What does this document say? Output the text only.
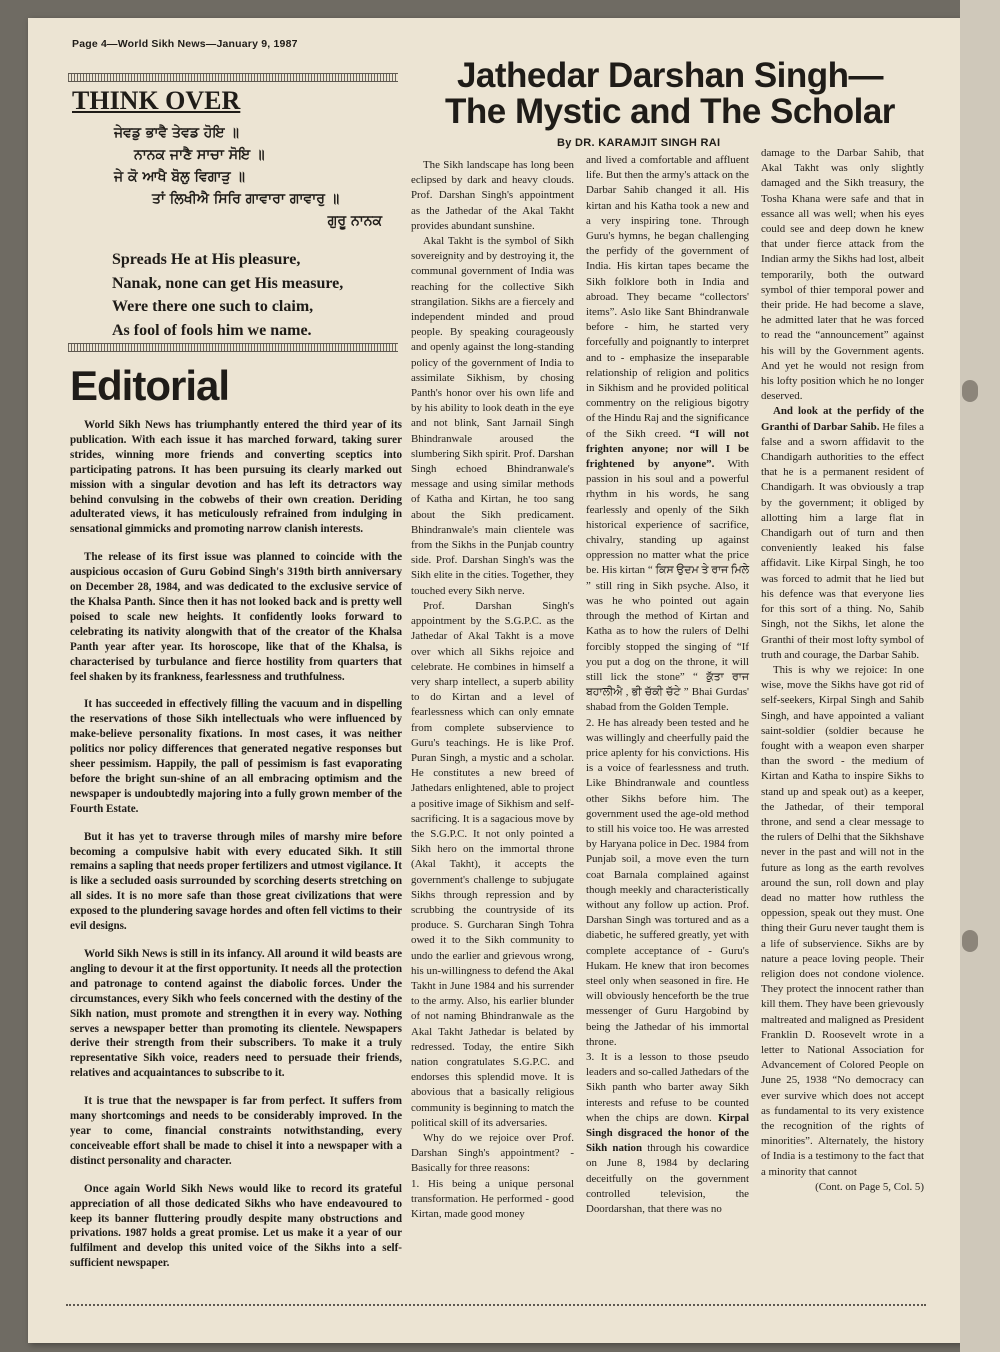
Page 4—World Sikh News—January 9, 1987
THINK OVER
ਜੇਵਡੁ ਭਾਵੈ ਤੇਵਡ ਹੋਇ ॥
ਨਾਨਕ ਜਾਣੈ ਸਾਚਾ ਸੋਇ ॥
ਜੇ ਕੋ ਆਖੈ ਬੋਲੁ ਵਿਗਾੜੁ ॥
ਤਾਂ ਲਿਖੀਐ ਸਿਰਿ ਗਾਵਾਰਾ ਗਾਵਾਰੁ ॥
ਗੁਰੂ ਨਾਨਕ
Spreads He at His pleasure,
Nanak, none can get His measure,
Were there one such to claim,
As fool of fools him we name.
Editorial

World Sikh News has triumphantly entered the third year of its publication. With each issue it has marched forward, taking surer strides, winning more friends and converting sceptics into participating patrons. It has been pursuing its clearly marked out mission with a singular devotion and has left its detractors way behind convulsing in the cobwebs of their own creation. Deriding adulterated views, it has meticulously refrained from indulging in sensational gimmicks and promoting narrow clanish interests.

The release of its first issue was planned to coincide with the auspicious occasion of Guru Gobind Singh's 319th birth anniversary on December 28, 1984, and was dedicated to the exclusive service of the Khalsa Panth. Since then it has not looked back and is pretty well poised to scale new heights. It confidently looks forward to celebrating its nativity alongwith that of the creator of the Khalsa Panth year after year. Its horoscope, like that of the Khalsa, is characterised by turbulance and fierce hostility from quarters that feel shaken by its frankness, fearlessness and truthfulness.

It has succeeded in effectively filling the vacuum and in dispelling the reservations of those Sikh intellectuals who were influenced by make-believe personality fixations. In most cases, it was neither politics nor policy differences that generated negative responses but sheer pessimism. Happily, the pall of pessimism is fast evaporating before the bright sun-shine of an all embracing optimism and the newspaper is undoubtedly majoring into a fully grown member of the Fourth Estate.

But it has yet to traverse through miles of marshy mire before becoming a compulsive habit with every educated Sikh. It still remains a sapling that needs proper fertilizers and utmost vigilance. It is like a secluded oasis surrounded by scorching deserts stretching on all sides. It is no more safe than those great civilizations that were exposed to the plundering savage hordes and often fell victims to their evil designs.

World Sikh News is still in its infancy. All around it wild beasts are angling to devour it at the first opportunity. It needs all the protection and patronage to contend against the diabolic forces. Under the circumstances, every Sikh who feels concerned with the destiny of the Sikh nation, must promote and strengthen it in every way. Nothing serves a newspaper better than promoting its clientele. Newspapers derive their strength from their subscribers. To make it a truly representative Sikh voice, readers need to persuade their friends, relatives and acquaintances to subscribe to it.

It is true that the newspaper is far from perfect. It suffers from many shortcomings and needs to be considerably improved. In the year to come, financial constraints notwithstanding, every conceiveable effort shall be made to chisel it into a newspaper with a distinct personality and character.

Once again World Sikh News would like to record its grateful appreciation of all those dedicated Sikhs who have endeavoured to keep its banner fluttering proudly despite many obstructions and privations. 1987 holds a great promise. Let us make it a year of our fulfilment and develop this united voice of the Sikhs into a self-sufficient newspaper.

Jathedar Darshan Singh—
The Mystic and The Scholar
By DR. KARAMJIT SINGH RAI

The Sikh landscape has long been eclipsed by dark and heavy clouds. Prof. Darshan Singh's appointment as the Jathedar of the Akal Takht provides abundant sunshine.

Akal Takht is the symbol of Sikh sovereignity and by destroying it, the communal government of India was reaching for the collective Sikh strangilation. Sikhs are a fiercely and independent minded and proud people. By speaking courageously and openly against the long-standing policy of the government of India to assimilate Sikhism, by chosing Panth's honor over his own life and by his ability to look death in the eye and not blink, Sant Jarnail Singh Bhindranwale aroused the slumbering Sikh spirit. Prof. Darshan Singh echoed Bhindranwale's message and using similar methods of Katha and Kirtan, he too sang about the Sikh predicament. Bhindranwale's main clientele was from the Sikhs in the Punjab country side. Prof. Darshan Singh's was the Sikh elite in the cities. Together, they touched every Sikh nerve.

Prof. Darshan Singh's appointment by the S.G.P.C. as the Jathedar of Akal Takht is a move over which all Sikhs rejoice and celebrate. He combines in himself a very sharp intellect, a superb ability to do Kirtan and a level of fearlessness which can only emnate from complete subservience to Guru's teachings. He is like Prof. Puran Singh, a mystic and a scholar. He constitutes a new breed of Jathedars enlightened, able to project a positive image of Sikhism and self-sacrificing. It is a sagacious move by the S.G.P.C. It not only pointed a Sikh hero on the immortal throne (Akal Takht), it accepts the government's challenge to subjugate Sikhs through repression and by scrubbing the countryside of its produce. S. Gurcharan Singh Tohra owed it to the Sikh community to undo the earlier and grievous wrong, his un-willingness to defend the Akal Takht in June 1984 and his surrender to the army. Also, his earlier blunder of not naming Bhindranwale as the Akal Takht Jathedar is belated by redressed. Today, the entire Sikh nation congratulates S.G.P.C. and endorses this splendid move. It is abovious that a basically religious community is beginning to match the political skill of its adversaries.

Why do we rejoice over Prof. Darshan Singh's appointment? - Basically for three reasons:

1. His being a unique personal transformation. He performed - good Kirtan, made good money

and lived a comfortable and affluent life. But then the army's attack on the Darbar Sahib changed it all. His kirtan and his Katha took a new and a very inspiring tone. Through Guru's hymns, he began challenging the perfidy of the government of India. His kirtan tapes became the Sikh folklore both in India and abroad. They became “collectors' items”. Aslo like Sant Bhindranwale before - him, he started very forcefully and poignantly to interpret and to - emphasize the inseparable relationship of religion and politics in Sikhism and he provided political commentry on the religious bigotry of the Hindu Raj and the significance of the Sikh creed. “I will not frighten anyone; nor will I be frightened by anyone”. With passion in his soul and a powerful rhythm in his words, he sang fearlessly and openly of the Sikh historical experience of sacrifice, chivalry, standing up against oppression no matter what the price be. His kirtan “ ਕਿਸ ਉਦਮ ਤੇ ਰਾਜ ਮਿਲੇ ” still ring in Sikh psyche. Also, it was he who pointed out again through the method of Kirtan and Katha as to how the rulers of Delhi forcibly stopped the singing of “If you put a dog on the throne, it will still lick the stone” “ ਕੁੱਤਾ ਰਾਜ ਬਹਾਲੀਐ , ਭੀ ਚੱਕੀ ਚੱਟੇ ” Bhai Gurdas' shabad from the Golden Temple.

2. He has already been tested and he was willingly and cheerfully paid the price aplenty for his convictions. His is a voice of fearlessness and truth. Like Bhindranwale and countless other Sikhs before him. The government used the age-old method to still his voice too. He was arrested by Haryana police in Dec. 1984 from Punjab soil, a move even the turn coat Barnala complained against though meekly and characteristically without any follow up action. Prof. Darshan Singh was tortured and as a diabetic, he suffered greatly, yet with complete acceptance of - Guru's Hukam. He knew that iron becomes steel only when seasoned in fire. He will obviously henceforth be the true messenger of Guru Hargobind by being the Jathedar of his immortal throne.

3. It is a lesson to those pseudo leaders and so-called Jathedars of the Sikh panth who barter away Sikh interests and refuse to be counted when the chips are down. Kirpal Singh disgraced the honor of the Sikh nation through his cowardice on June 8, 1984 by declaring deceitfully on the government controlled television, the Doordarshan, that there was no

damage to the Darbar Sahib, that Akal Takht was only slightly damaged and the Sikh treasury, the Tosha Khana were safe and that in essance all was well; when his eyes could see and deep down he knew that under fierce attack from the Indian army the Sikhs had lost, albeit temporarily, both the outward symbol of thier temporal power and their pride. He had become a slave, he admitted later that he was forced to read the “announcement” against his will by the Government agents. And yet he would not resign from his lofty position which he no longer deserved.

And look at the perfidy of the Granthi of Darbar Sahib. He files a false and a sworn affidavit to the Chandigarh authorities to the effect that he is a permanent resident of Chandigarh. It was obviously a trap by the government; it obliged by allotting him a large flat in Chandigarh out of turn and then conveniently leaked his false affidavit. Like Kirpal Singh, he too was forced to admit that he lied but his defence was that everyone lies for this sort of a thing. No, Sahib Singh, not the Sikhs, let alone the Granthi of their most lofty symbol of truth and courage, the Darbar Sahib.

This is why we rejoice: In one wise, move the Sikhs have got rid of self-seekers, Kirpal Singh and Sahib Singh, and have appointed a valiant saint-soldier (soldier because he fought with a weapon even sharper than the sword - the medium of Kirtan and Katha to inspire Sikhs to stand up and speak out) as a keeper, the Jathedar, of their temporal throne, and send a clear message to the rulers of Delhi that the Sikhshave never in the past and will not in the future as long as the earth revolves around the sun, roll down and play dead no matter how ruthless the oppession, speak out they must. One thing their Guru never taught them is a life of subservience. Sikhs are by nature a peace loving people. Their religion does not condone violence. They protect the innocent rather than kill them. They have been grievously maltreated and maligned as President Franklin D. Roosevelt wrote in a letter to National Association for Advancement of Colored People on June 25, 1938 “No democracy can ever survive which does not accept as fundamental to its very existence the recognition of the rights of minorities”. Alternately, the history of India is a testimony to the fact that a minority that cannot

(Cont. on Page 5, Col. 5)
